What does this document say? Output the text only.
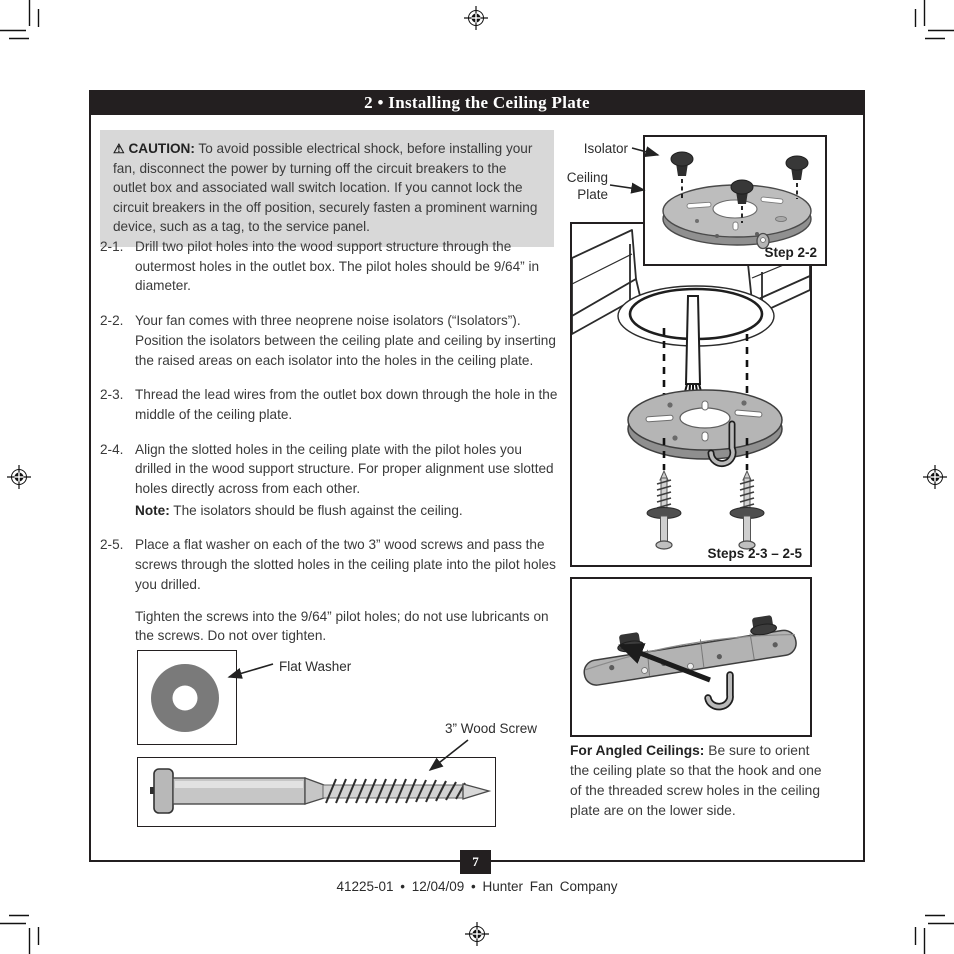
2 • Installing the Ceiling Plate
⚠ CAUTION: To avoid possible electrical shock, before installing your fan, disconnect the power by turning off the circuit breakers to the outlet box and associated wall switch location. If you cannot lock the circuit breakers in the off position, securely fasten a prominent warning device, such as a tag, to the service panel.
2-1. Drill two pilot holes into the wood support structure through the outermost holes in the outlet box. The pilot holes should be 9/64” in diameter.
2-2. Your fan comes with three neoprene noise isolators (“Isolators”). Position the isolators between the ceiling plate and ceiling by inserting the raised areas on each isolator into the holes in the ceiling plate.
2-3. Thread the lead wires from the outlet box down through the hole in the middle of the ceiling plate.
2-4. Align the slotted holes in the ceiling plate with the pilot holes you drilled in the wood support structure. For proper alignment use slotted holes directly across from each other.
Note: The isolators should be flush against the ceiling.
2-5. Place a flat washer on each of the two 3” wood screws and pass the screws through the slotted holes in the ceiling plate into the pilot holes you drilled.
Tighten the screws into the 9/64” pilot holes; do not use lubricants on the screws. Do not over tighten.
Flat Washer
3” Wood Screw
Steps 2-3 – 2-5
Step 2-2
Isolator
Ceiling
Plate
For Angled Ceilings: Be sure to orient the ceiling plate so that the hook and one of the threaded screw holes in the ceiling plate are on the lower side.
7
41225-01 • 12/04/09 • Hunter Fan Company
